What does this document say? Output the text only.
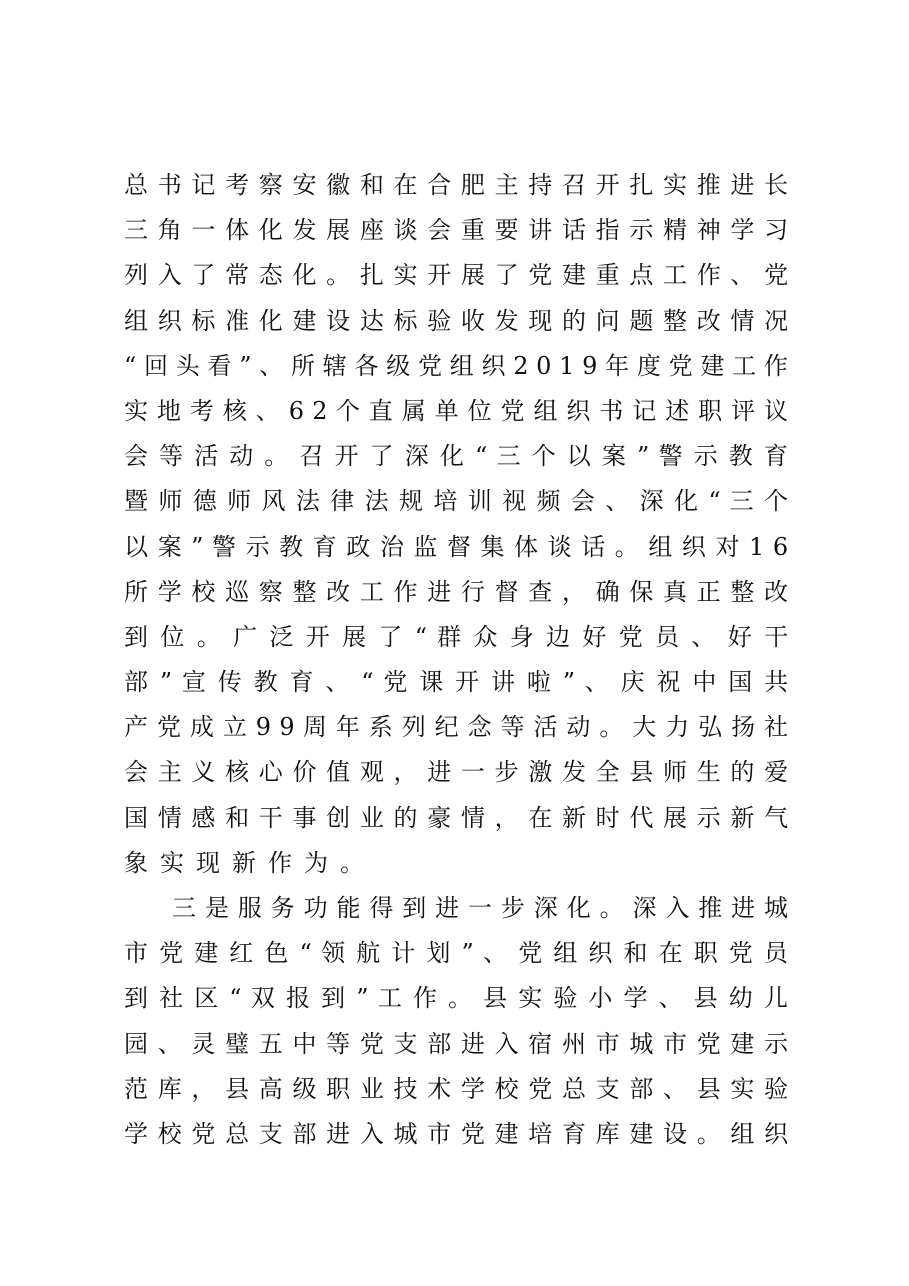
总 书 记 考 察 安 徽 和 在 合 肥 主 持 召 开 扎 实 推 进 长
三 角 一 体 化 发 展 座 谈 会 重 要 讲 话 指 示 精 神 学 习
列 入 了 常 态 化 。 扎 实 开 展 了 党 建 重 点 工 作 、 党
组 织 标 准 化 建 设 达 标 验 收 发 现 的 问 题 整 改 情 况
“ 回 头 看 ” 、 所 辖 各 级 党 组 织 2 0 1 9 年 度 党 建 工 作
实 地 考 核 、 6 2 个 直 属 单 位 党 组 织 书 记 述 职 评 议
会 等 活 动 。 召 开 了 深 化 “ 三 个 以 案 ” 警 示 教 育
暨 师 德 师 风 法 律 法 规 培 训 视 频 会 、 深 化 “ 三 个
以 案 ” 警 示 教 育 政 治 监 督 集 体 谈 话 。 组 织 对 1 6
所 学 校 巡 察 整 改 工 作 进 行 督 查 ， 确 保 真 正 整 改
到 位 。 广 泛 开 展 了 “ 群 众 身 边 好 党 员 、 好 干
部 ” 宣 传 教 育 、 “ 党 课 开 讲 啦 ” 、 庆 祝 中 国 共
产 党 成 立 9 9 周 年 系 列 纪 念 等 活 动 。 大 力 弘 扬 社
会 主 义 核 心 价 值 观 ， 进 一 步 激 发 全 县 师 生 的 爱
国 情 感 和 干 事 创 业 的 豪 情 ， 在 新 时 代 展 示 新 气
象实现新作为。
三 是 服 务 功 能 得 到 进 一 步 深 化 。 深 入 推 进 城
市 党 建 红 色 “ 领 航 计 划 ” 、 党 组 织 和 在 职 党 员
到 社 区 “ 双 报 到 ” 工 作 。 县 实 验 小 学 、 县 幼 儿
园 、 灵 璧 五 中 等 党 支 部 进 入 宿 州 市 城 市 党 建 示
范 库 ， 县 高 级 职 业 技 术 学 校 党 总 支 部 、 县 实 验
学 校 党 总 支 部 进 入 城 市 党 建 培 育 库 建 设 。 组 织
